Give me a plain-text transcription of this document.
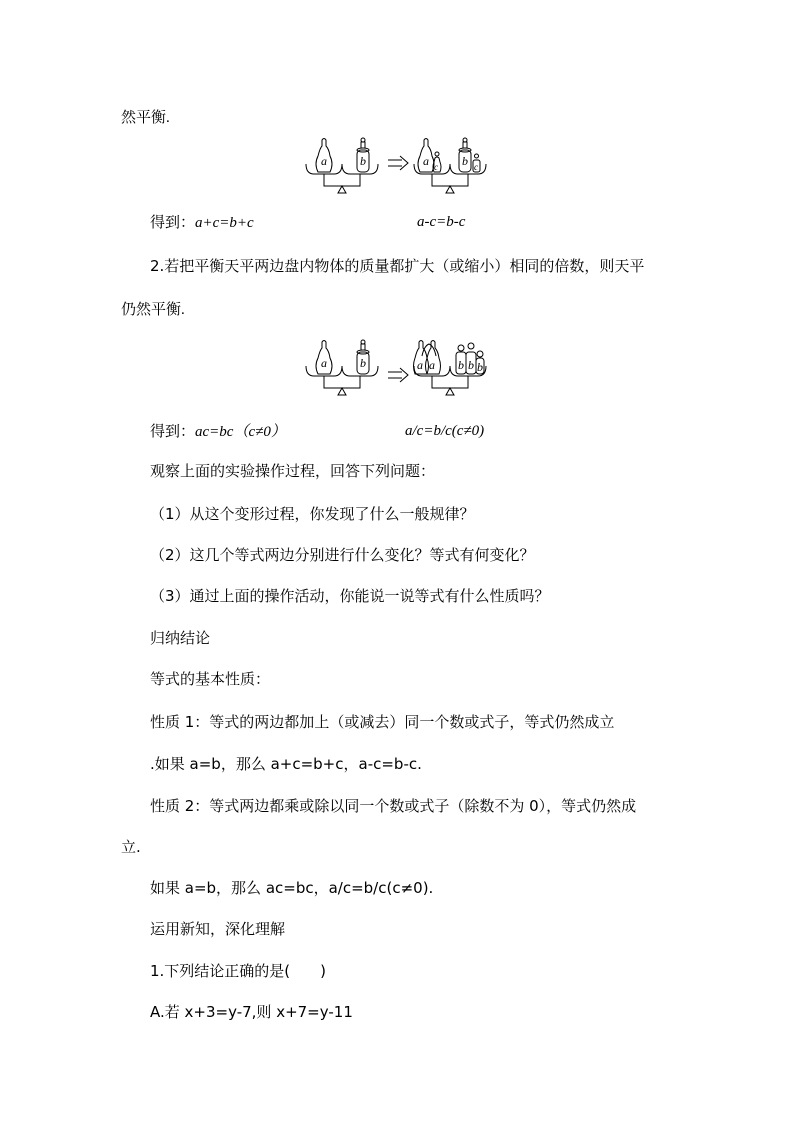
然平衡.
a	b	a c b c
得到：a+c=b+c	a-c=b-c
2.若把平衡天平两边盘内物体的质量都扩大（或缩小）相同的倍数，则天平
仍然平衡.
a	b	a a b b b
得到：ac=bc（c≠0）	a/c=b/c(c≠0)
观察上面的实验操作过程，回答下列问题：
（1）从这个变形过程，你发现了什么一般规律？
（2）这几个等式两边分别进行什么变化？等式有何变化？
（3）通过上面的操作活动，你能说一说等式有什么性质吗？
归纳结论
等式的基本性质：
性质 1：等式的两边都加上（或减去）同一个数或式子，等式仍然成立
.如果 a=b，那么 a+c=b+c，a-c=b-c.
性质 2：等式两边都乘或除以同一个数或式子（除数不为 0），等式仍然成
立.
如果 a=b，那么 ac=bc，a/c=b/c(c≠0).
运用新知，深化理解
1.下列结论正确的是(　　)
A.若 x+3=y-7,则 x+7=y-11
